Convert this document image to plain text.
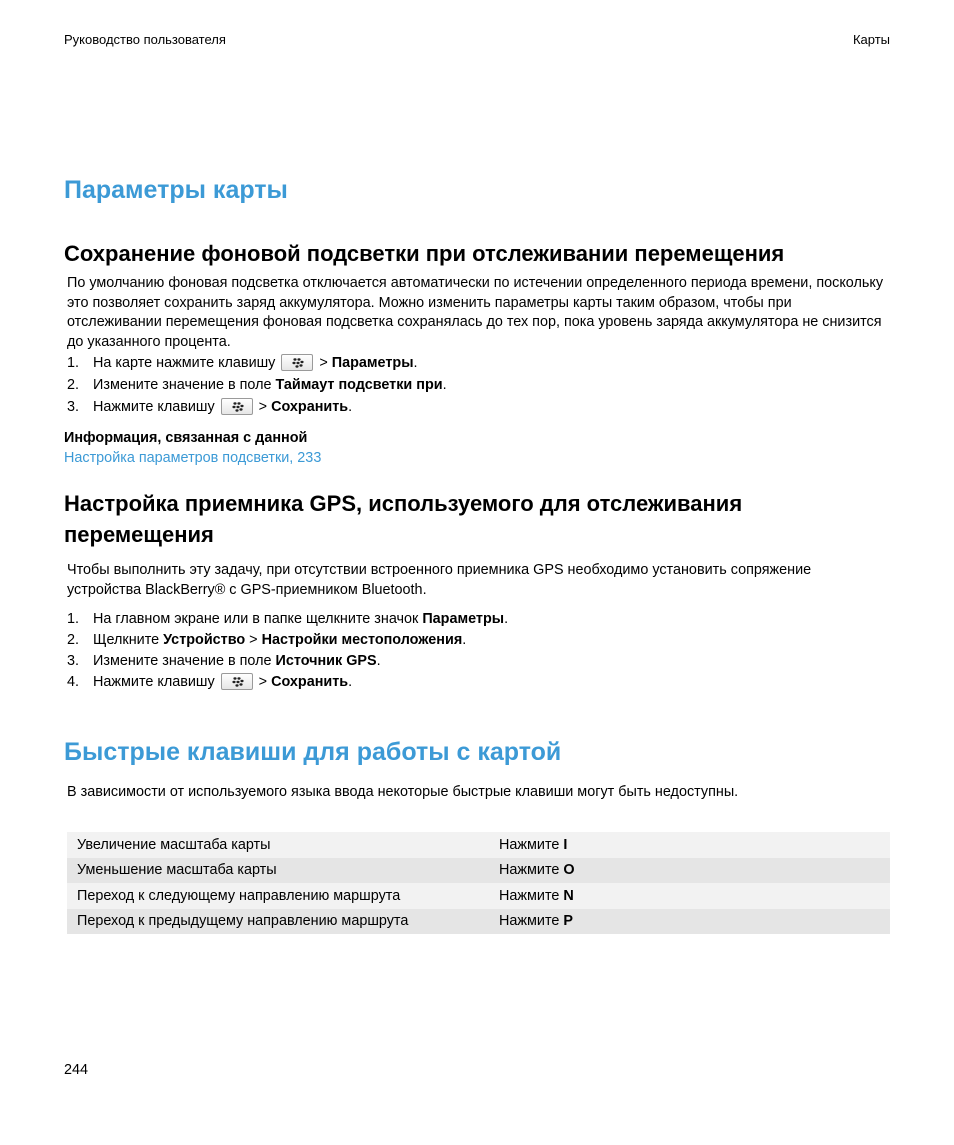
Руководство пользователя	Карты
Параметры карты
Сохранение фоновой подсветки при отслеживании перемещения

По умолчанию фоновая подсветка отключается автоматически по истечении определенного периода времени, поскольку это позволяет сохранить заряд аккумулятора. Можно изменить параметры карты таким образом, чтобы при отслеживании перемещения фоновая подсветка сохранялась до тех пор, пока уровень заряда аккумулятора не снизится до указанного процента.

1. На карте нажмите клавишу	> Параметры.
2. Измените значение в поле Таймаут подсветки при.
3. Нажмите клавишу	> Сохранить.
Информация, связанная с данной
Настройка параметров подсветки, 233
Настройка приемника GPS, используемого для отслеживания
перемещения

Чтобы выполнить эту задачу, при отсутствии встроенного приемника GPS необходимо установить сопряжение устройства BlackBerry® с GPS-приемником Bluetooth.

1. На главном экране или в папке щелкните значок Параметры.
2. Щелкните Устройство > Настройки местоположения.
3. Измените значение в поле Источник GPS.
4. Нажмите клавишу	> Сохранить.
Быстрые клавиши для работы с картой

В зависимости от используемого языка ввода некоторые быстрые клавиши могут быть недоступны.

Увеличение масштаба карты	Нажмите I
Уменьшение масштаба карты	Нажмите O
Переход к следующему направлению маршрута	Нажмите N
Переход к предыдущему направлению маршрута	Нажмите P
244
